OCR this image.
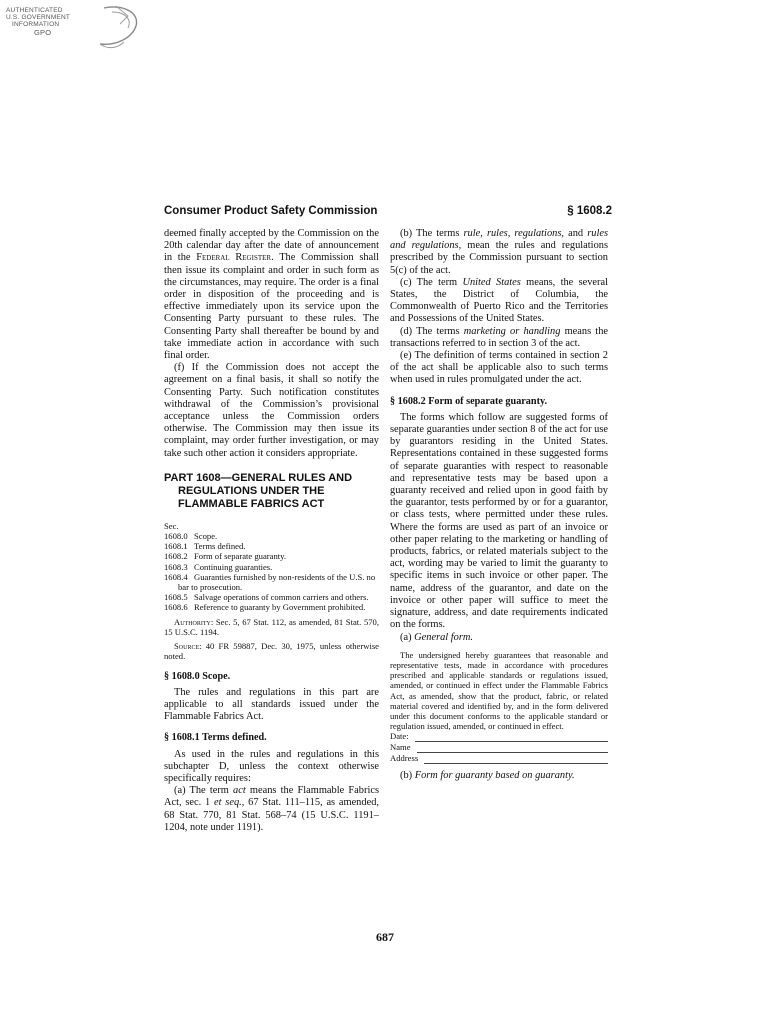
AUTHENTICATED
U.S. GOVERNMENT
INFORMATION
GPO
Consumer Product Safety Commission	§ 1608.2

deemed finally accepted by the Commission on the 20th calendar day after the date of announcement in the Federal Register. The Commission shall then issue its complaint and order in such form as the circumstances, may require. The order is a final order in disposition of the proceeding and is effective immediately upon its service upon the Consenting Party pursuant to these rules. The Consenting Party shall thereafter be bound by and take immediate action in accordance with such final order.

(f) If the Commission does not accept the agreement on a final basis, it shall so notify the Consenting Party. Such notification constitutes withdrawal of the Commission’s provisional acceptance unless the Commission orders otherwise. The Commission may then issue its complaint, may order further investigation, or may take such other action it considers appropriate.

PART 1608—GENERAL RULES AND REGULATIONS UNDER THE FLAMMABLE FABRICS ACT
Sec.
1608.0 Scope.
1608.1 Terms defined.
1608.2 Form of separate guaranty.
1608.3 Continuing guaranties.
1608.4 Guaranties furnished by non-residents of the U.S. no bar to prosecution.
1608.5 Salvage operations of common carriers and others.
1608.6 Reference to guaranty by Government prohibited.

Authority: Sec. 5, 67 Stat. 112, as amended, 81 Stat. 570, 15 U.S.C. 1194.

Source: 40 FR 59887, Dec. 30, 1975, unless otherwise noted.

§ 1608.0 Scope.

The rules and regulations in this part are applicable to all standards issued under the Flammable Fabrics Act.

§ 1608.1 Terms defined.

As used in the rules and regulations in this subchapter D, unless the context otherwise specifically requires:

(a) The term act means the Flammable Fabrics Act, sec. 1 et seq., 67 Stat. 111–115, as amended, 68 Stat. 770, 81 Stat. 568–74 (15 U.S.C. 1191–1204, note under 1191).

(b) The terms rule, rules, regulations, and rules and regulations, mean the rules and regulations prescribed by the Commission pursuant to section 5(c) of the act.

(c) The term United States means, the several States, the District of Columbia, the Commonwealth of Puerto Rico and the Territories and Possessions of the United States.

(d) The terms marketing or handling means the transactions referred to in section 3 of the act.

(e) The definition of terms contained in section 2 of the act shall be applicable also to such terms when used in rules promulgated under the act.

§ 1608.2 Form of separate guaranty.

The forms which follow are suggested forms of separate guaranties under section 8 of the act for use by guarantors residing in the United States. Representations contained in these suggested forms of separate guaranties with respect to reasonable and representative tests may be based upon a guaranty received and relied upon in good faith by the guarantor, tests performed by or for a guarantor, or class tests, where permitted under these rules. Where the forms are used as part of an invoice or other paper relating to the marketing or handling of products, fabrics, or related materials subject to the act, wording may be varied to limit the guaranty to specific items in such invoice or other paper. The name, address of the guarantor, and date on the invoice or other paper will suffice to meet the signature, address, and date requirements indicated on the forms.

(a) General form.

The undersigned hereby guarantees that reasonable and representative tests, made in accordance with procedures prescribed and applicable standards or regulations issued, amended, or continued in effect under the Flammable Fabrics Act, as amended, show that the product, fabric, or related material covered and identified by, and in the form delivered under this document conforms to the applicable standard or regulation issued, amended, or continued in effect.

Date:
Name
Address

(b) Form for guaranty based on guaranty.

687
